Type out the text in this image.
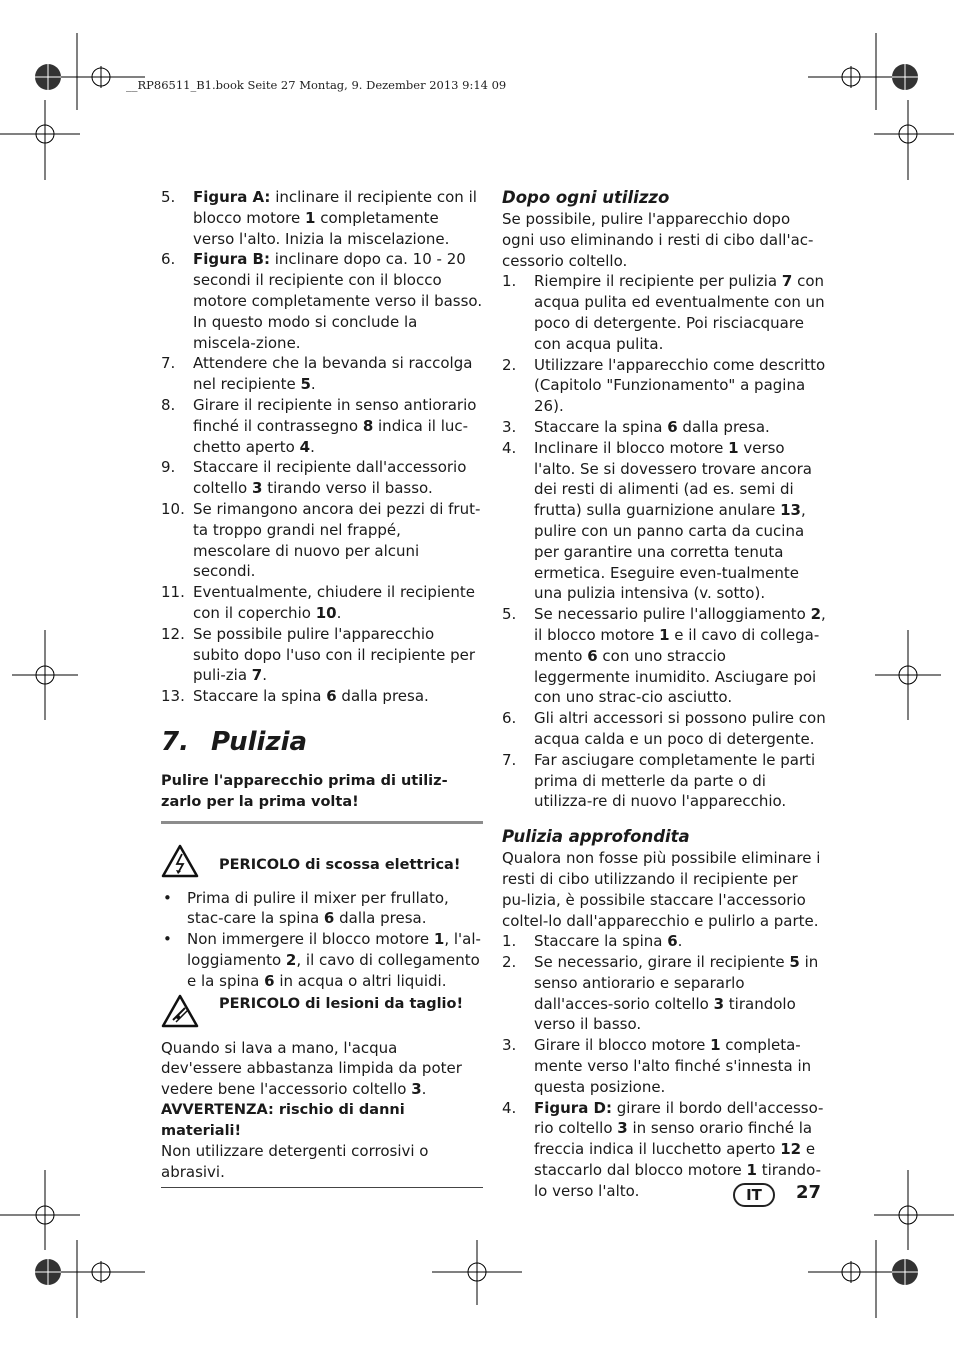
__RP86511_B1.book Seite 27 Montag, 9. Dezember 2013 9:14 09
5. Figura A: inclinare il recipiente con il blocco motore 1 completamente verso l'alto. Inizia la miscelazione.
6. Figura B: inclinare dopo ca. 10 - 20 secondi il recipiente con il blocco motore completamente verso il basso. In questo modo si conclude la miscela-zione.
7. Attendere che la bevanda si raccolga nel recipiente 5.
8. Girare il recipiente in senso antiorario finché il contrassegno 8 indica il luc-chetto aperto 4.
9. Staccare il recipiente dall'accessorio coltello 3 tirando verso il basso.
10. Se rimangono ancora dei pezzi di frut-ta troppo grandi nel frappé, mescolare di nuovo per alcuni secondi.
11. Eventualmente, chiudere il recipiente con il coperchio 10.
12. Se possibile pulire l'apparecchio subito dopo l'uso con il recipiente per puli-zia 7.
13. Staccare la spina 6 dalla presa.
7. Pulizia
Pulire l'apparecchio prima di utiliz-zarlo per la prima volta!
PERICOLO di scossa elettrica!
• Prima di pulire il mixer per frullato, stac-care la spina 6 dalla presa.
• Non immergere il blocco motore 1, l'al-loggiamento 2, il cavo di collegamento e la spina 6 in acqua o altri liquidi.
PERICOLO di lesioni da taglio!
Quando si lava a mano, l'acqua dev'essere abbastanza limpida da poter vedere bene l'accessorio coltello 3.
AVVERTENZA: rischio di danni materiali!
Non utilizzare detergenti corrosivi o abrasivi.
Dopo ogni utilizzo
Se possibile, pulire l'apparecchio dopo ogni uso eliminando i resti di cibo dall'ac-cessorio coltello.
1. Riempire il recipiente per pulizia 7 con acqua pulita ed eventualmente con un poco di detergente. Poi risciacquare con acqua pulita.
2. Utilizzare l'apparecchio come descritto (Capitolo "Funzionamento" a pagina 26).
3. Staccare la spina 6 dalla presa.
4. Inclinare il blocco motore 1 verso l'alto. Se si dovessero trovare ancora dei resti di alimenti (ad es. semi di frutta) sulla guarnizione anulare 13, pulire con un panno carta da cucina per garantire una corretta tenuta ermetica. Eseguire even-tualmente una pulizia intensiva (v. sotto).
5. Se necessario pulire l'alloggiamento 2, il blocco motore 1 e il cavo di collega-mento 6 con uno straccio leggermente inumidito. Asciugare poi con uno strac-cio asciutto.
6. Gli altri accessori si possono pulire con acqua calda e un poco di detergente.
7. Far asciugare completamente le parti prima di metterle da parte o di utilizza-re di nuovo l'apparecchio.
Pulizia approfondita
Qualora non fosse più possibile eliminare i resti di cibo utilizzando il recipiente per pu-lizia, è possibile staccare l'accessorio coltel-lo dall'apparecchio e pulirlo a parte.
1. Staccare la spina 6.
2. Se necessario, girare il recipiente 5 in senso antiorario e separarlo dall'acces-sorio coltello 3 tirandolo verso il basso.
3. Girare il blocco motore 1 completa-mente verso l'alto finché s'innesta in questa posizione.
4. Figura D: girare il bordo dell'accesso-rio coltello 3 in senso orario finché la freccia indica il lucchetto aperto 12 e staccarlo dal blocco motore 1 tirando-lo verso l'alto.	IT	27
